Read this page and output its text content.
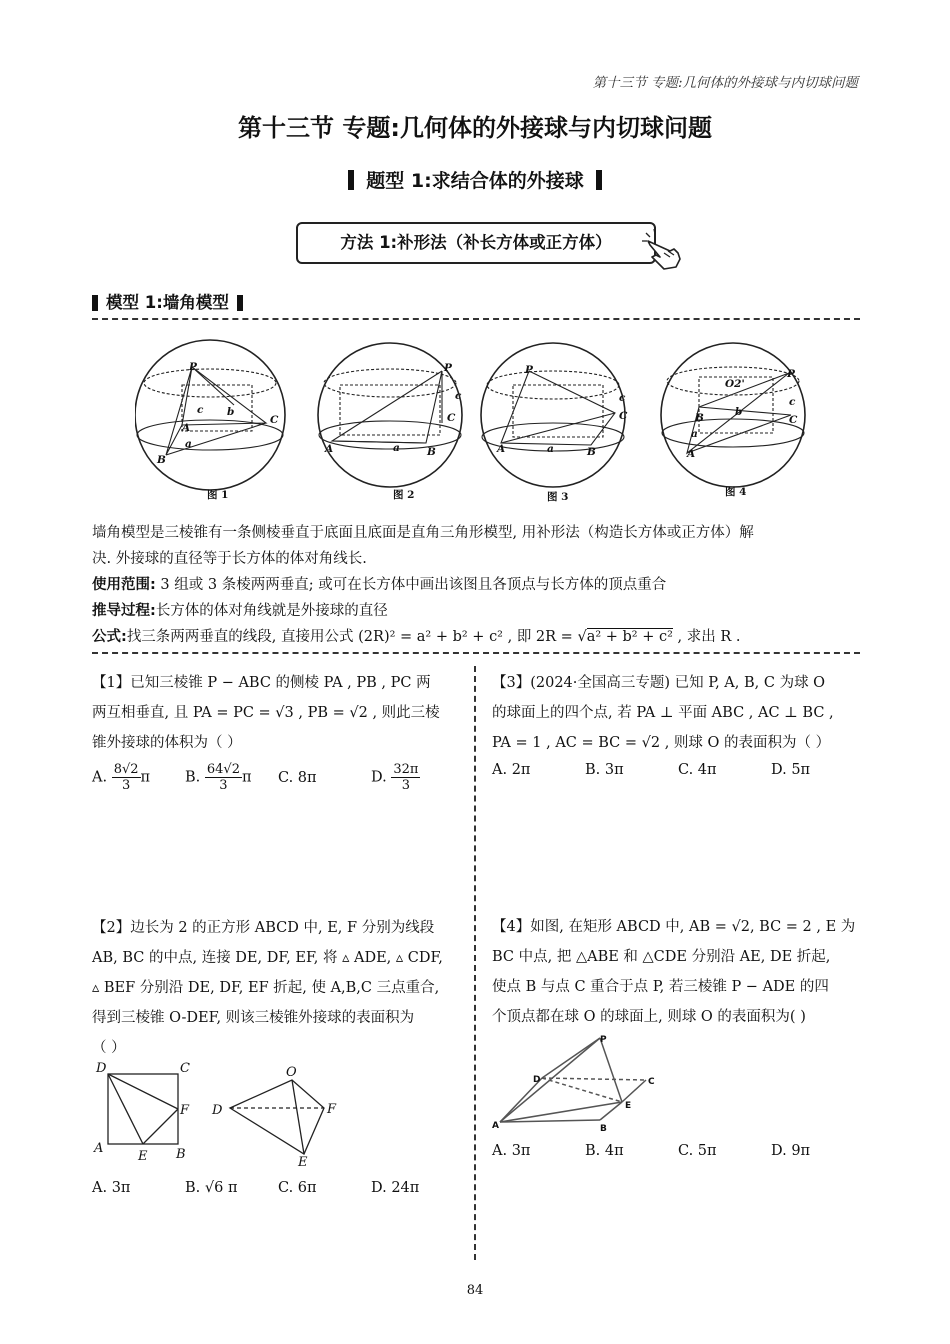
第十三节 专题:几何体的外接球与内切球问题
第十三节 专题:几何体的外接球与内切球问题
题型 1:求结合体的外接球
方法 1:补形法（补长方体或正方体）
模型 1:墙角模型
P
A
B
C
c b
a
P
A	B
C
c
a
P
A	B
C
c
a
O2'
P
B
A
C
c
b
a
图 1	图 2	图 3	图 4
墙角模型是三棱锥有一条侧棱垂直于底面且底面是直角三角形模型, 用补形法（构造长方体或正方体）解
决. 外接球的直径等于长方体的体对角线长.
使用范围: 3 组或 3 条棱两两垂直; 或可在长方体中画出该图且各顶点与长方体的顶点重合
推导过程:长方体的体对角线就是外接球的直径
公式:找三条两两垂直的线段, 直接用公式 (2R)² = a² + b² + c² , 即 2R = √a² + b² + c² , 求出 R .
【1】已知三棱锥 P − ABC 的侧棱 PA , PB , PC 两
两互相垂直, 且 PA = PC = √3 , PB = √2 , 则此三棱
锥外接球的体积为（ ）
A. $\frac{8√2}{3}$ π	B. $\frac{64√2}{3}$ π	C. 8π	D. $\frac{32\pi}{3}$
【3】(2024·全国高三专题) 已知 P, A, B, C 为球 O
的球面上的四个点, 若 PA ⊥ 平面 ABC , AC ⊥ BC ,
PA = 1 , AC = BC = √2 , 则球 O 的表面积为（ ）
A. 2π	B. 3π	C. 4π	D. 5π
【2】边长为 2 的正方形 ABCD 中, E, F 分别为线段
AB, BC 的中点, 连接 DE, DF, EF, 将 ▵ ADE, ▵ CDF,
▵ BEF 分别沿 DE, DF, EF 折起, 使 A,B,C 三点重合,
得到三棱锥 O-DEF, 则该三棱锥外接球的表面积为
（ ）
D	C
F
A
E B
O
D	F
E
A. 3π	B. √6 π	C. 6π	D. 24π
【4】如图, 在矩形 ABCD 中, AB = √2, BC = 2 , E 为
BC 中点, 把 △ABE 和 △CDE 分别沿 AE, DE 折起,
使点 B 与点 C 重合于点 P, 若三棱锥 P − ADE 的四
个顶点都在球 O 的球面上, 则球 O 的表面积为( )
P
D	C
E
A	B
A. 3π	B. 4π	C. 5π	D. 9π
84
